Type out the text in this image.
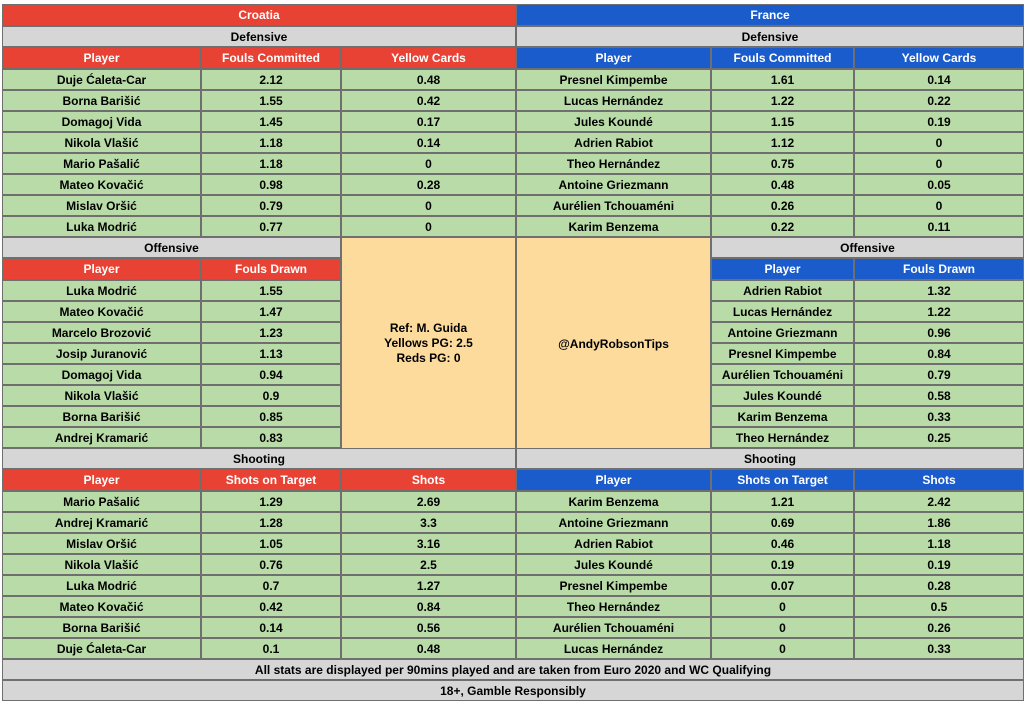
Croatia	France
Defensive	Defensive
Player	Fouls Committed	Yellow Cards	Player	Fouls Committed	Yellow Cards
Duje Ćaleta-Car	2.12	0.48
Borna Barišić	1.55	0.42
Domagoj Vida	1.45	0.17
Nikola Vlašić	1.18	0.14
Mario Pašalić	1.18	0
Mateo Kovačić	0.98	0.28
Mislav Oršić	0.79	0
Luka Modrić	0.77	0
Presnel Kimpembe	1.61	0.14
Lucas Hernández	1.22	0.22
Jules Koundé	1.15	0.19
Adrien Rabiot	1.12	0
Theo Hernández	0.75	0
Antoine Griezmann	0.48	0.05
Aurélien Tchouaméni	0.26	0
Karim Benzema	0.22	0.11
Offensive	Offensive
Ref: M. Guida
Yellows PG: 2.5
Reds PG: 0
@AndyRobsonTips
Player	Fouls Drawn	Player	Fouls Drawn
Luka Modrić	1.55
Mateo Kovačić	1.47
Marcelo Brozović	1.23
Josip Juranović	1.13
Domagoj Vida	0.94
Nikola Vlašić	0.9
Borna Barišić	0.85
Andrej Kramarić	0.83
Adrien Rabiot	1.32
Lucas Hernández	1.22
Antoine Griezmann	0.96
Presnel Kimpembe	0.84
Aurélien Tchouaméni	0.79
Jules Koundé	0.58
Karim Benzema	0.33
Theo Hernández	0.25
Shooting	Shooting
Player	Shots on Target	Shots	Player	Shots on Target	Shots
Mario Pašalić	1.29	2.69
Andrej Kramarić	1.28	3.3
Mislav Oršić	1.05	3.16
Nikola Vlašić	0.76	2.5
Luka Modrić	0.7	1.27
Mateo Kovačić	0.42	0.84
Borna Barišić	0.14	0.56
Duje Ćaleta-Car	0.1	0.48
Karim Benzema	1.21	2.42
Antoine Griezmann	0.69	1.86
Adrien Rabiot	0.46	1.18
Jules Koundé	0.19	0.19
Presnel Kimpembe	0.07	0.28
Theo Hernández	0	0.5
Aurélien Tchouaméni	0	0.26
Lucas Hernández	0	0.33
All stats are displayed per 90mins played and are taken from Euro 2020 and WC Qualifying
18+, Gamble Responsibly
